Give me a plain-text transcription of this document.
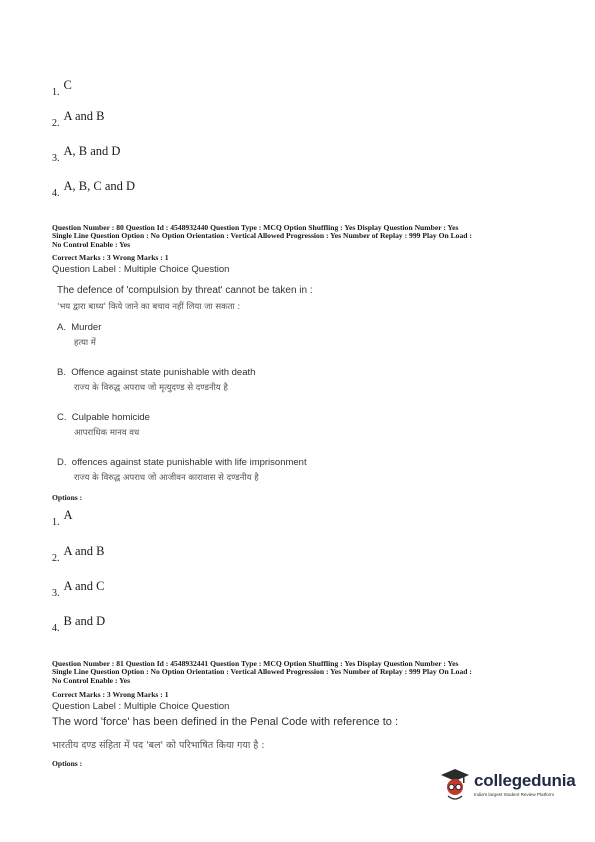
$_{1.}$ C
$_{2.}$ A and B
$_{3.}$ A, B and D
$_{4.}$ A, B, C and D
Question Number : 80 Question Id : 4548932440 Question Type : MCQ Option Shuffling : Yes Display Question Number : Yes
Single Line Question Option : No Option Orientation : Vertical Allowed Progression : Yes Number of Replay : 999 Play On Load :
No Control Enable : Yes
Correct Marks : 3 Wrong Marks : 1
Question Label : Multiple Choice Question
The defence of 'compulsion by threat' cannot be taken in :
'भय द्वारा बाध्य' किये जाने का बचाव नहीं लिया जा सकता :
A. Murder
हत्या में
B. Offence against state punishable with death
राज्य के विरुद्ध अपराध जो मृत्युदण्ड से दण्डनीय है
C. Culpable homicide
आपराधिक मानव वध
D. offences against state punishable with life imprisonment
राज्य के विरुद्ध अपराध जो आजीवन कारावास से दण्डनीय है
Options :
$_{1.}$ A
$_{2.}$ A and B
$_{3.}$ A and C
$_{4.}$ B and D
Question Number : 81 Question Id : 4548932441 Question Type : MCQ Option Shuffling : Yes Display Question Number : Yes
Single Line Question Option : No Option Orientation : Vertical Allowed Progression : Yes Number of Replay : 999 Play On Load :
No Control Enable : Yes
Correct Marks : 3 Wrong Marks : 1
Question Label : Multiple Choice Question
The word 'force' has been defined in the Penal Code with reference to :
भारतीय दण्ड संहिता में पद 'बल' को परिभाषित किया गया है :
Options :
collegedunia
India's largest Student Review Platform
